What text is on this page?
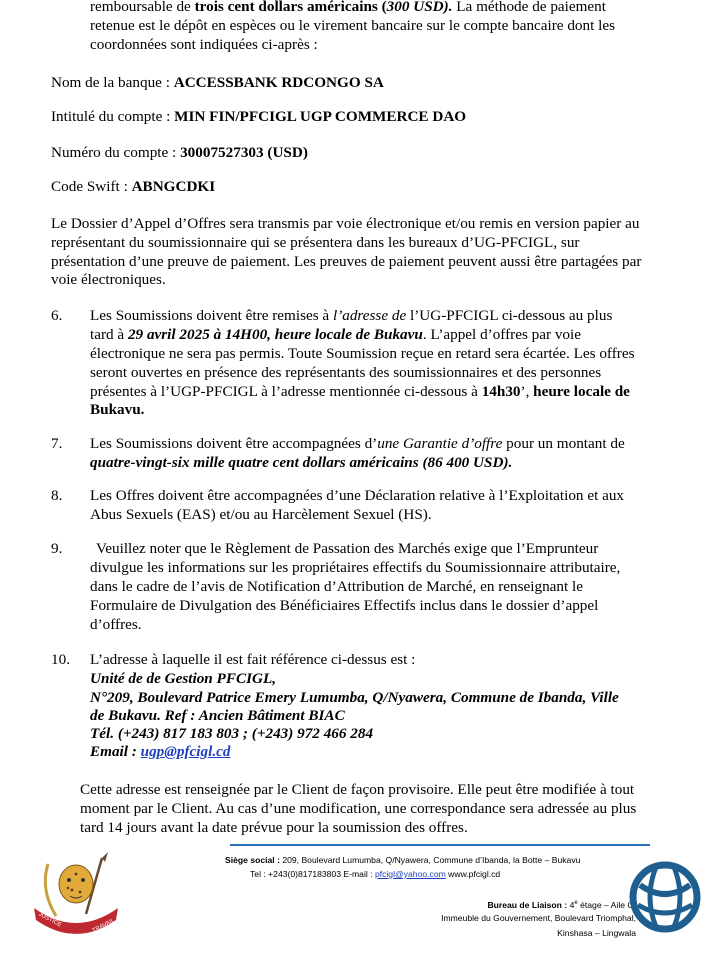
remboursable de trois cent dollars américains (300 USD). La méthode de paiement
retenue est le dépôt en espèces ou le virement bancaire sur le compte bancaire dont les
coordonnées sont indiquées ci-après :
Nom de la banque : ACCESSBANK RDCONGO SA
Intitulé du compte : MIN FIN/PFCIGL UGP COMMERCE DAO
Numéro du compte : 30007527303 (USD)
Code Swift : ABNGCDKI
Le Dossier d’Appel d’Offres sera transmis par voie électronique et/ou remis en version papier au
représentant du soumissionnaire qui se présentera dans les bureaux d’UG-PFCIGL, sur
présentation d’une preuve de paiement. Les preuves de paiement peuvent aussi être partagées par
voie électroniques.
6. Les Soumissions doivent être remises à l’adresse de l’UG-PFCIGL ci-dessous au plus
tard à 29 avril 2025 à 14H00, heure locale de Bukavu. L’appel d’offres par voie
électronique ne sera pas permis. Toute Soumission reçue en retard sera écartée. Les offres
seront ouvertes en présence des représentants des soumissionnaires et des personnes
présentes à l’UGP-PFCIGL à l’adresse mentionnée ci-dessous à 14h30’, heure locale de
Bukavu.
7. Les Soumissions doivent être accompagnées d’une Garantie d’offre pour un montant de
quatre-vingt-six mille quatre cent dollars américains (86 400 USD).
8. Les Offres doivent être accompagnées d’une Déclaration relative à l’Exploitation et aux
Abus Sexuels (EAS) et/ou au Harcèlement Sexuel (HS).
9. Veuillez noter que le Règlement de Passation des Marchés exige que l’Emprunteur
divulgue les informations sur les propriétaires effectifs du Soumissionnaire attributaire,
dans le cadre de l’avis de Notification d’Attribution de Marché, en renseignant le
Formulaire de Divulgation des Bénéficiaires Effectifs inclus dans le dossier d’appel
d’offres.
10. L’adresse à laquelle il est fait référence ci-dessus est :
Unité de de Gestion PFCIGL,
N°209, Boulevard Patrice Emery Lumumba, Q/Nyawera, Commune de Ibanda, Ville
de Bukavu. Ref : Ancien Bâtiment BIAC
Tél. (+243) 817 183 803 ; (+243) 972 466 284
Email : ugp@pfcigl.cd
Cette adresse est renseignée par le Client de façon provisoire. Elle peut être modifiée à tout
moment par le Client. Au cas d’une modification, une correspondance sera adressée au plus
tard 14 jours avant la date prévue pour la soumission des offres.
Siège social : 209, Boulevard Lumumba, Q/Nyawera, Commune d’Ibanda, la Botte – Bukavu
Tel : +243(0)817183803 E-mail : pfcigl@yahoo.com www.pfcigl.cd
Bureau de Liaison : 4e étage – Aile C,
Immeuble du Gouvernement, Boulevard Triomphal,
Kinshasa – Lingwala
JUSTICE
PAIX
TRAVAIL
